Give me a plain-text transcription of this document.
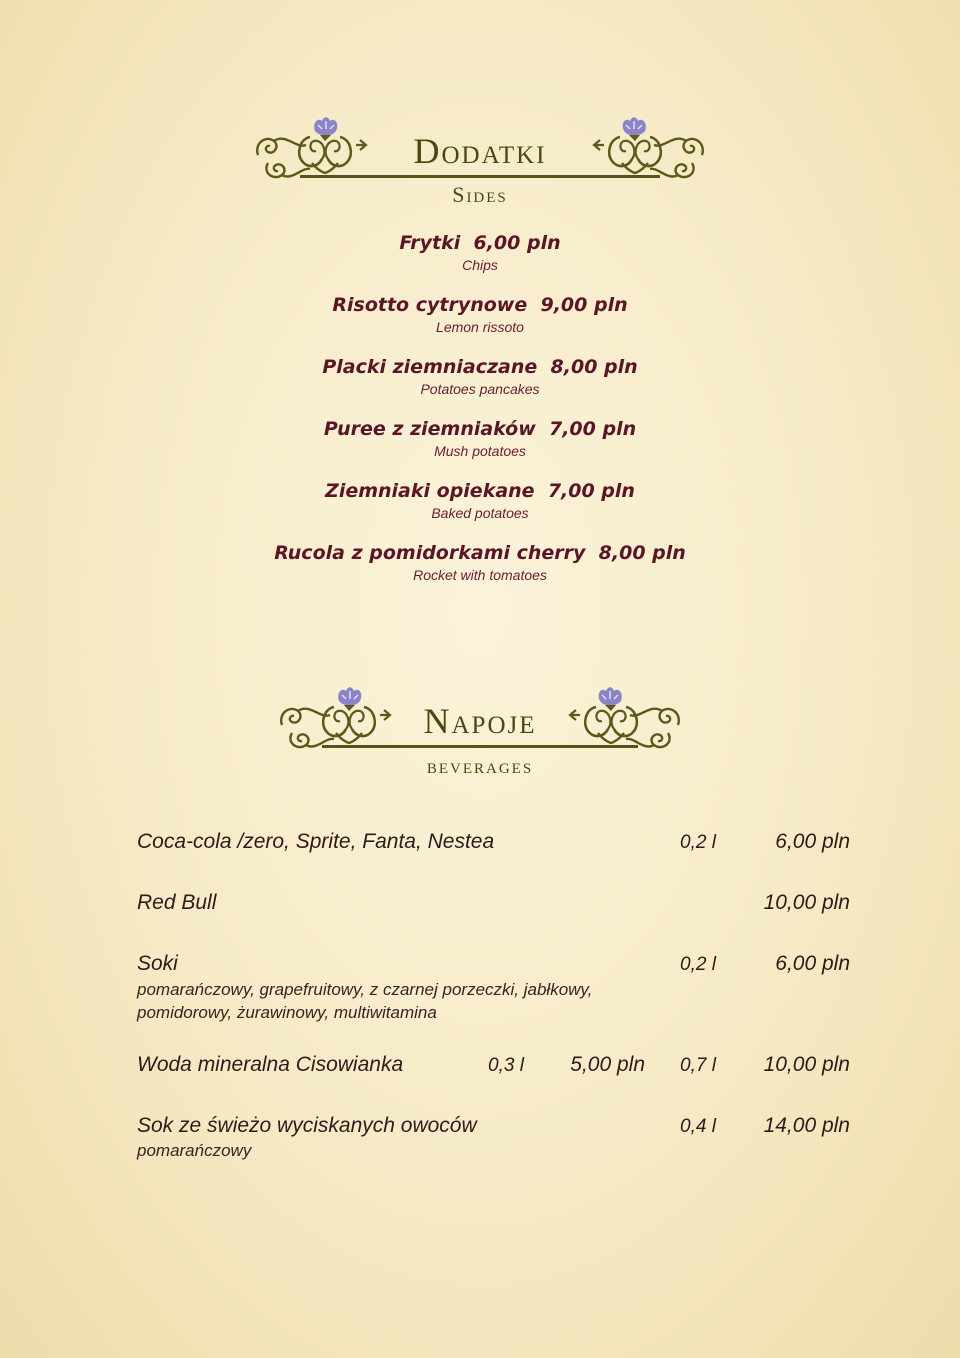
Dodatki
Sides
Frytki 6,00 pln
Chips
Risotto cytrynowe 9,00 pln
Lemon rissoto
Placki ziemniaczane 8,00 pln
Potatoes pancakes
Puree z ziemniaków 7,00 pln
Mush potatoes
Ziemniaki opiekane 7,00 pln
Baked potatoes
Rucola z pomidorkami cherry 8,00 pln
Rocket with tomatoes
Napoje
beverages
Coca-cola /zero, Sprite, Fanta, Nestea	0,2 l	6,00 pln
Red Bull	10,00 pln
Soki	0,2 l	6,00 pln
pomarańczowy, grapefruitowy, z czarnej porzeczki, jabłkowy,
pomidorowy, żurawinowy, multiwitamina
Woda mineralna Cisowianka	0,3 l	5,00 pln 0,7 l	10,00 pln
Sok ze świeżo wyciskanych owoców	0,4 l	14,00 pln
pomarańczowy
